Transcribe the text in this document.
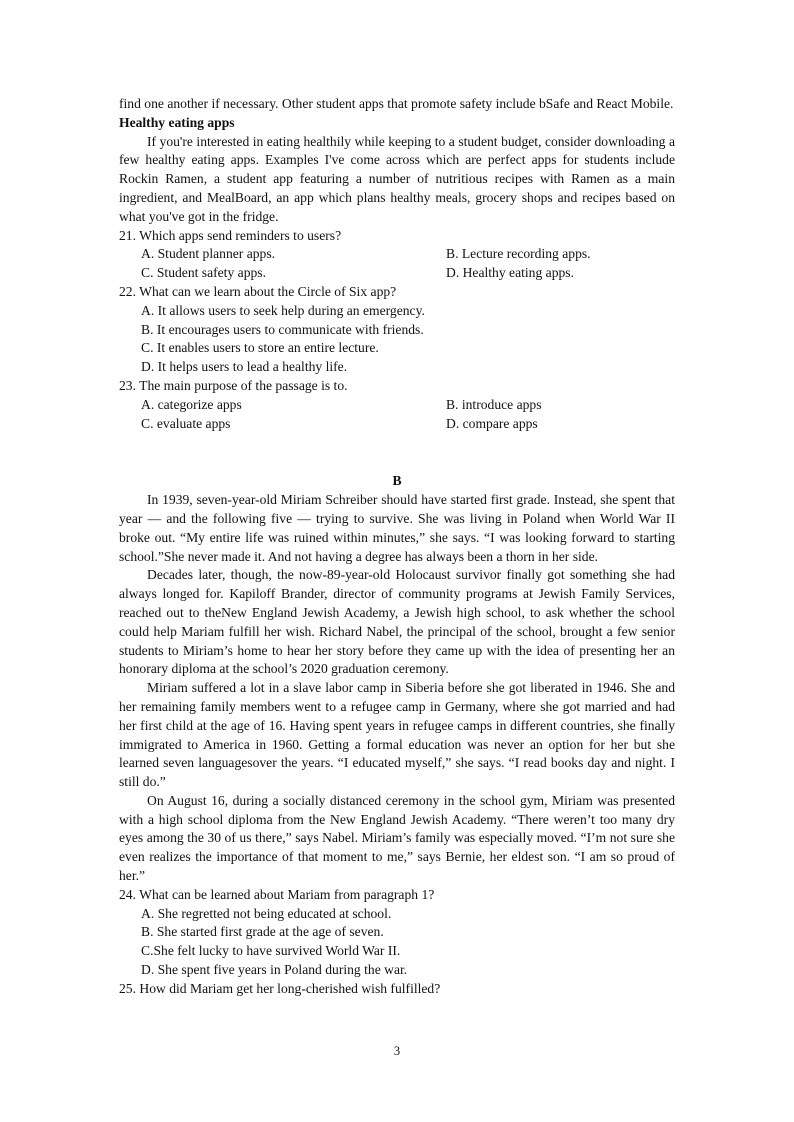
find one another if necessary. Other student apps that promote safety include bSafe and React Mobile.

Healthy eating apps

If you're interested in eating healthily while keeping to a student budget, consider downloading a few healthy eating apps. Examples I've come across which are perfect apps for students include Rockin Ramen, a student app featuring a number of nutritious recipes with Ramen as a main ingredient, and MealBoard, an app which plans healthy meals, grocery shops and recipes based on what you've got in the fridge.

21. Which apps send reminders to users?
A. Student planner apps.	B. Lecture recording apps.
C. Student safety apps.	D. Healthy eating apps.
22. What can we learn about the Circle of Six app?
A. It allows users to seek help during an emergency.
B. It encourages users to communicate with friends.
C. It enables users to store an entire lecture.
D. It helps users to lead a healthy life.
23. The main purpose of the passage is to.
A. categorize apps	B. introduce apps
C. evaluate apps	D. compare apps
B

In 1939, seven-year-old Miriam Schreiber should have started first grade. Instead, she spent that year — and the following five — trying to survive. She was living in Poland when World War II broke out. “My entire life was ruined within minutes,” she says. “I was looking forward to starting school.”She never made it. And not having a degree has always been a thorn in her side.

Decades later, though, the now-89-year-old Holocaust survivor finally got something she had always longed for. Kapiloff Brander, director of community programs at Jewish Family Services, reached out to theNew England Jewish Academy, a Jewish high school, to ask whether the school could help Mariam fulfill her wish. Richard Nabel, the principal of the school, brought a few senior students to Miriam’s home to hear her story before they came up with the idea of presenting her an honorary diploma at the school’s 2020 graduation ceremony.

Miriam suffered a lot in a slave labor camp in Siberia before she got liberated in 1946. She and her remaining family members went to a refugee camp in Germany, where she got married and had her first child at the age of 16. Having spent years in refugee camps in different countries, she finally immigrated to America in 1960. Getting a formal education was never an option for her but she learned seven languagesover the years. “I educated myself,” she says. “I read books day and night. I still do.”

On August 16, during a socially distanced ceremony in the school gym, Miriam was presented with a high school diploma from the New England Jewish Academy. “There weren’t too many dry eyes among the 30 of us there,” says Nabel. Miriam’s family was especially moved. “I’m not sure she even realizes the importance of that moment to me,” says Bernie, her eldest son. “I am so proud of her.”

24. What can be learned about Mariam from paragraph 1?
A. She regretted not being educated at school.
B. She started first grade at the age of seven.
C.She felt lucky to have survived World War II.
D. She spent five years in Poland during the war.
25. How did Mariam get her long-cherished wish fulfilled?
3
